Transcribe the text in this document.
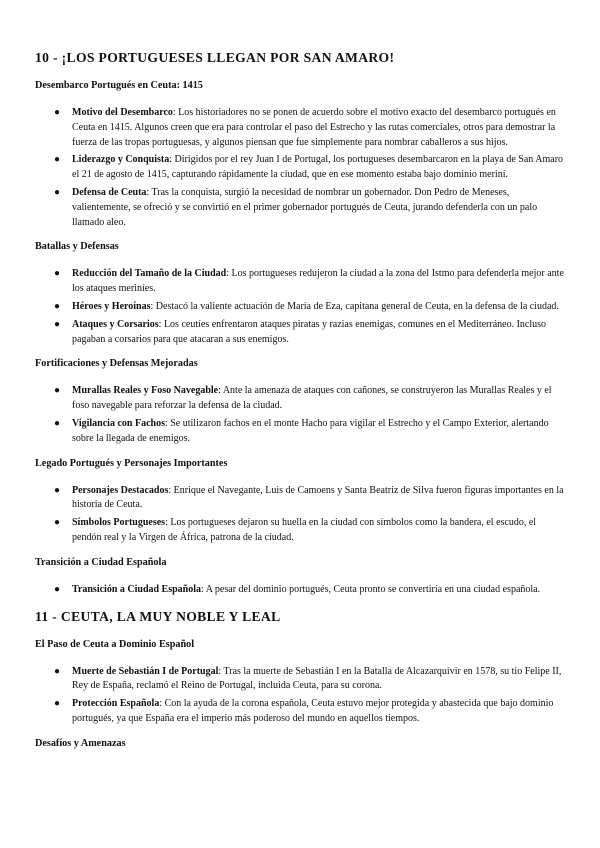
10 - ¡LOS PORTUGUESES LLEGAN POR SAN AMARO!
Desembarco Portugués en Ceuta: 1415
● Motivo del Desembarco: Los historiadores no se ponen de acuerdo sobre el motivo exacto del desembarco portugués en Ceuta en 1415. Algunos creen que era para controlar el paso del Estrecho y las rutas comerciales, otros para demostrar la fuerza de las tropas portuguesas, y algunos piensan que fue simplemente para nombrar caballeros a sus hijos.
● Liderazgo y Conquista: Dirigidos por el rey Juan I de Portugal, los portugueses desembarcaron en la playa de San Amaro el 21 de agosto de 1415, capturando rápidamente la ciudad, que en ese momento estaba bajo dominio meriní.
● Defensa de Ceuta: Tras la conquista, surgió la necesidad de nombrar un gobernador. Don Pedro de Meneses, valientemente, se ofreció y se convirtió en el primer gobernador portugués de Ceuta, jurando defenderla con un palo llamado aleo.
Batallas y Defensas
● Reducción del Tamaño de la Ciudad: Los portugueses redujeron la ciudad a la zona del Istmo para defenderla mejor ante los ataques meriníes.
● Héroes y Heroínas: Destacó la valiente actuación de María de Eza, capitana general de Ceuta, en la defensa de la ciudad.
● Ataques y Corsarios: Los ceutíes enfrentaron ataques piratas y razias enemigas, comunes en el Mediterráneo. Incluso pagaban a corsarios para que atacaran a sus enemigos.
Fortificaciones y Defensas Mejoradas
● Murallas Reales y Foso Navegable: Ante la amenaza de ataques con cañones, se construyeron las Murallas Reales y el foso navegable para reforzar la defensa de la ciudad.
● Vigilancia con Fachos: Se utilizaron fachos en el monte Hacho para vigilar el Estrecho y el Campo Exterior, alertando sobre la llegada de enemigos.
Legado Portugués y Personajes Importantes
● Personajes Destacados: Enrique el Navegante, Luis de Camoens y Santa Beatriz de Silva fueron figuras importantes en la historia de Ceuta.
● Símbolos Portugueses: Los portugueses dejaron su huella en la ciudad con símbolos como la bandera, el escudo, el pendón real y la Virgen de África, patrona de la ciudad.
Transición a Ciudad Española
● Transición a Ciudad Española: A pesar del dominio portugués, Ceuta pronto se convertiría en una ciudad española.
11 - CEUTA, LA MUY NOBLE Y LEAL
El Paso de Ceuta a Dominio Español
● Muerte de Sebastián I de Portugal: Tras la muerte de Sebastián I en la Batalla de Alcazarquivir en 1578, su tío Felipe II, Rey de España, reclamó el Reino de Portugal, incluida Ceuta, para su corona.
● Protección Española: Con la ayuda de la corona española, Ceuta estuvo mejor protegida y abastecida que bajo dominio portugués, ya que España era el imperio más poderoso del mundo en aquellos tiempos.
Desafíos y Amenazas
